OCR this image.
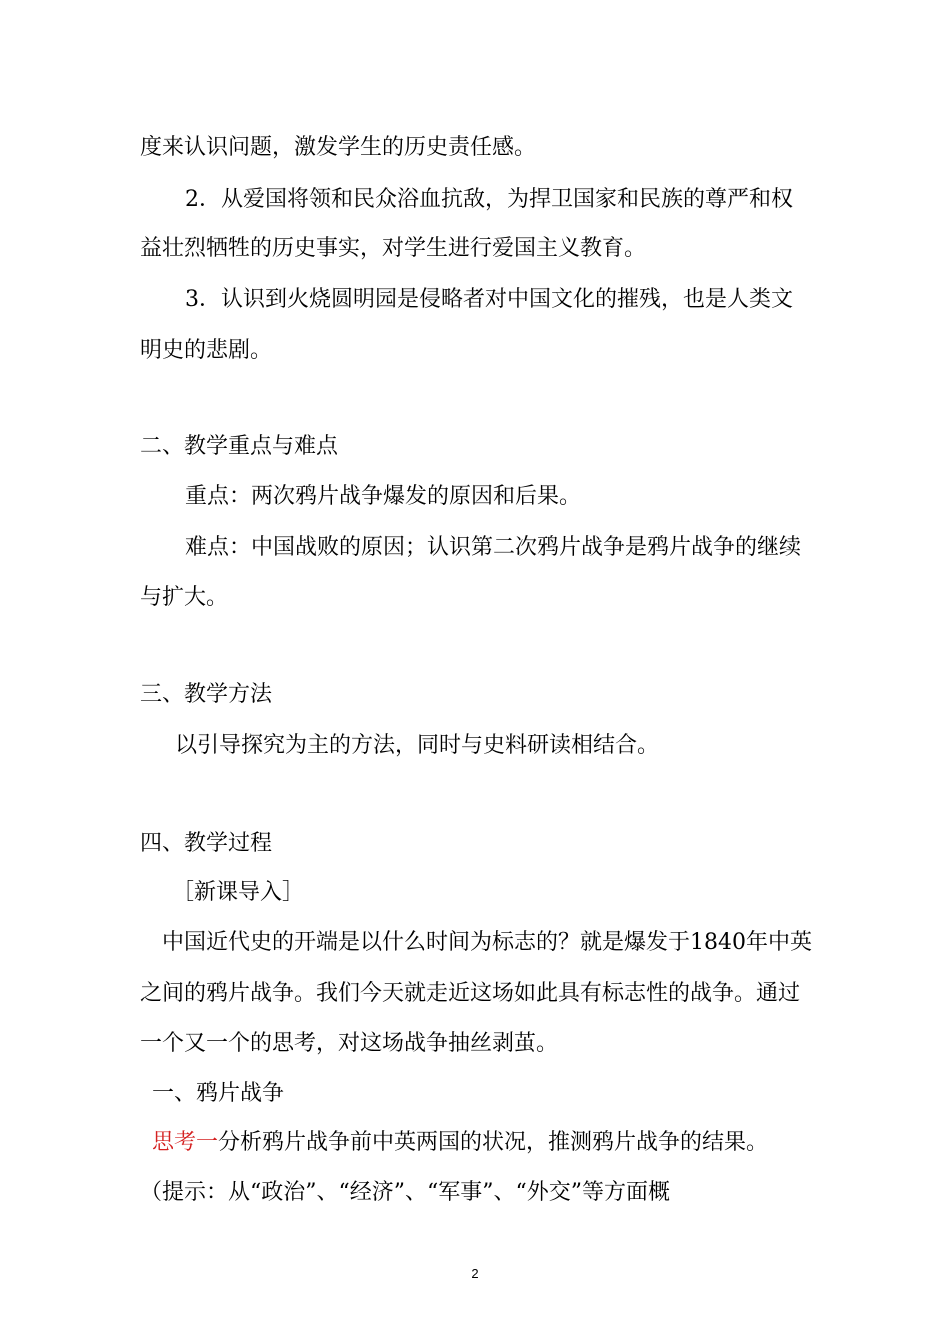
度来认识问题，激发学生的历史责任感。
2．从爱国将领和民众浴血抗敌，为捍卫国家和民族的尊严和权
益壮烈牺牲的历史事实，对学生进行爱国主义教育。
3．认识到火烧圆明园是侵略者对中国文化的摧残，也是人类文
明史的悲剧。
二、教学重点与难点
重点：两次鸦片战争爆发的原因和后果。
难点：中国战败的原因；认识第二次鸦片战争是鸦片战争的继续
与扩大。
三、教学方法
以引导探究为主的方法，同时与史料研读相结合。
四、教学过程
［新课导入］
中国近代史的开端是以什么时间为标志的？就是爆发于1840年中英
之间的鸦片战争。我们今天就走近这场如此具有标志性的战争。通过
一个又一个的思考，对这场战争抽丝剥茧。
一、鸦片战争
思考一分析鸦片战争前中英两国的状况，推测鸦片战争的结果。
（提示：从“政治”、“经济”、“军事”、“外交”等方面概
2
